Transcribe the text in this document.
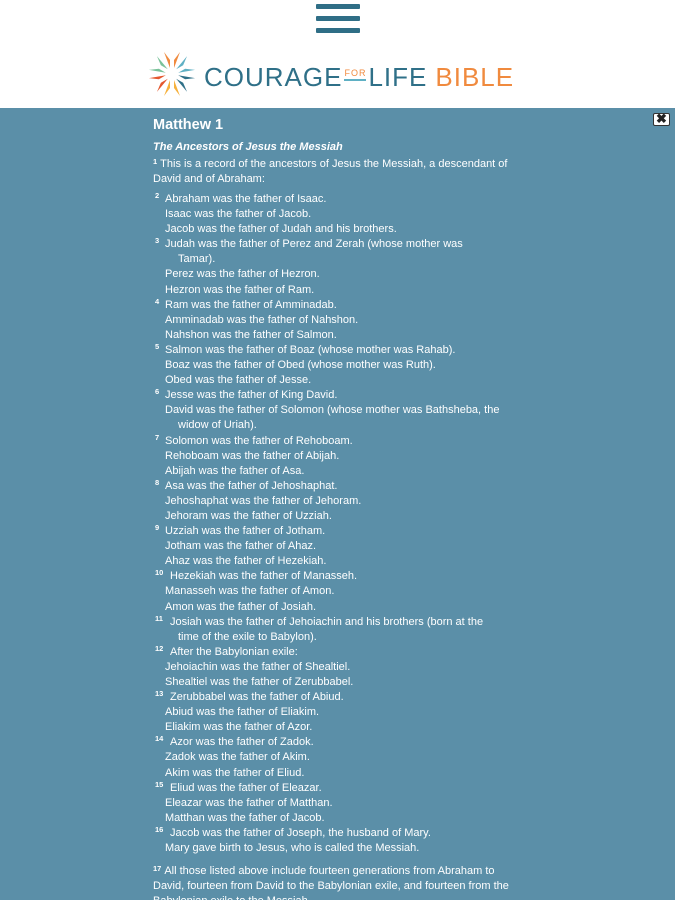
COURAGE FORLIFE BIBLE
✖
Matthew 1
The Ancestors of Jesus the Messiah

$^1$ This is a record of the ancestors of Jesus the Messiah, a descendant of David and of Abraham:

2 Abraham was the father of Isaac.
Isaac was the father of Jacob.
Jacob was the father of Judah and his brothers.
3 Judah was the father of Perez and Zerah (whose mother was
Tamar).
Perez was the father of Hezron.
Hezron was the father of Ram.
4 Ram was the father of Amminadab.
Amminadab was the father of Nahshon.
Nahshon was the father of Salmon.
5 Salmon was the father of Boaz (whose mother was Rahab).
Boaz was the father of Obed (whose mother was Ruth).
Obed was the father of Jesse.
6 Jesse was the father of King David.
David was the father of Solomon (whose mother was Bathsheba, the
widow of Uriah).
7 Solomon was the father of Rehoboam.
Rehoboam was the father of Abijah.
Abijah was the father of Asa.
8 Asa was the father of Jehoshaphat.
Jehoshaphat was the father of Jehoram.
Jehoram was the father of Uzziah.
9 Uzziah was the father of Jotham.
Jotham was the father of Ahaz.
Ahaz was the father of Hezekiah.
10 Hezekiah was the father of Manasseh.
Manasseh was the father of Amon.
Amon was the father of Josiah.
11 Josiah was the father of Jehoiachin and his brothers (born at the
time of the exile to Babylon).
12 After the Babylonian exile:
Jehoiachin was the father of Shealtiel.
Shealtiel was the father of Zerubbabel.
13 Zerubbabel was the father of Abiud.
Abiud was the father of Eliakim.
Eliakim was the father of Azor.
14 Azor was the father of Zadok.
Zadok was the father of Akim.
Akim was the father of Eliud.
15 Eliud was the father of Eleazar.
Eleazar was the father of Matthan.
Matthan was the father of Jacob.
16 Jacob was the father of Joseph, the husband of Mary.
Mary gave birth to Jesus, who is called the Messiah.

$^{17}$ All those listed above include fourteen generations from Abraham to David, fourteen from David to the Babylonian exile, and fourteen from the Babylonian exile to the Messiah.
